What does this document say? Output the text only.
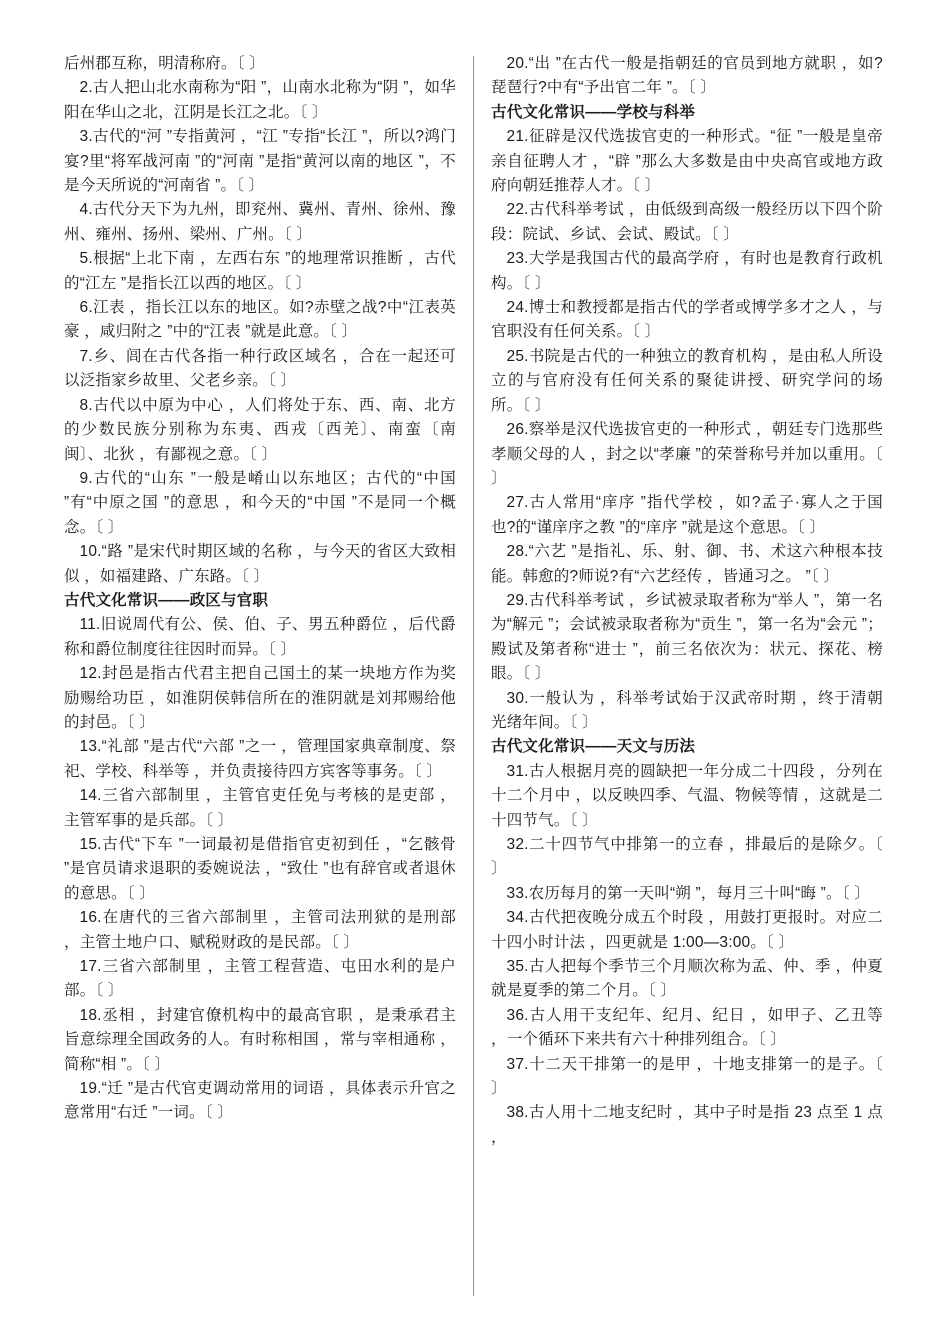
后州郡互称，明清称府。〔 〕

2.古人把山北水南称为“阳 ”，山南水北称为“阴 ”，如华阳在华山之北，江阴是长江之北。〔 〕

3.古代的“河 ”专指黄河 ，“江 ”专指“长江 ”，所以?鸿门宴?里“将军战河南 ”的“河南 ”是指“黄河以南的地区 ”，不是今天所说的“河南省 ”。〔 〕

4.古代分天下为九州，即兖州、冀州、青州、徐州、豫州、雍州、扬州、梁州、广州。〔 〕

5.根据“上北下南 ，左西右东 ”的地理常识推断 ，古代的“江左 ”是指长江以西的地区。〔 〕

6.江表 ，指长江以东的地区。如?赤壁之战?中“江表英豪 ，咸归附之 ”中的“江表 ”就是此意。〔 〕

7.乡、闾在古代各指一种行政区域名 ，合在一起还可以泛指家乡故里、父老乡亲。〔 〕

8.古代以中原为中心 ，人们将处于东、西、南、北方的少数民族分别称为东夷、西戎〔西羌〕、南蛮〔南闽〕、北狄 ，有鄙视之意。〔 〕

9.古代的“山东 ”一般是崤山以东地区；古代的“中国 ”有“中原之国 ”的意思 ，和今天的“中国 ”不是同一个概念。〔 〕

10.“路 ”是宋代时期区域的名称 ，与今天的省区大致相似 ，如福建路、广东路。〔 〕

古代文化常识——政区与官职

11.旧说周代有公、侯、伯、子、男五种爵位 ，后代爵称和爵位制度往往因时而异。〔 〕

12.封邑是指古代君主把自己国土的某一块地方作为奖励赐给功臣 ，如淮阴侯韩信所在的淮阴就是刘邦赐给他的封邑。〔 〕

13.“礼部 ”是古代“六部 ”之一 ，管理国家典章制度、祭祀、学校、科举等 ，并负责接待四方宾客等事务。〔 〕

14.三省六部制里 ，主管官吏任免与考核的是吏部 ，主管军事的是兵部。〔 〕

15.古代“下车 ”一词最初是借指官吏初到任 ，“乞骸骨 ”是官员请求退职的委婉说法 ，“致仕 ”也有辞官或者退休的意思。〔 〕

16.在唐代的三省六部制里 ，主管司法刑狱的是刑部 ，主管土地户口、赋税财政的是民部。〔 〕

17.三省六部制里 ，主管工程营造、屯田水利的是户部。〔 〕

18.丞相 ，封建官僚机构中的最高官职 ，是秉承君主旨意综理全国政务的人。有时称相国 ，常与宰相通称 ，简称“相 ”。〔 〕

19.“迁 ”是古代官吏调动常用的词语 ，具体表示升官之意常用“右迁 ”一词。〔 〕

20.“出 ”在古代一般是指朝廷的官员到地方就职 ，如?琵琶行?中有“予出官二年 ”。〔 〕

古代文化常识——学校与科举

21.征辟是汉代选拔官吏的一种形式。“征 ”一般是皇帝亲自征聘人才 ，“辟 ”那么大多数是由中央高官或地方政府向朝廷推荐人才。〔 〕

22.古代科举考试 ，由低级到高级一般经历以下四个阶段：院试、乡试、会试、殿试。〔 〕

23.大学是我国古代的最高学府 ，有时也是教育行政机构。〔 〕

24.博士和教授都是指古代的学者或博学多才之人 ，与官职没有任何关系。〔 〕

25.书院是古代的一种独立的教育机构 ，是由私人所设立的与官府没有任何关系的聚徒讲授、研究学问的场所。〔 〕

26.察举是汉代选拔官吏的一种形式 ，朝廷专门选那些孝顺父母的人 ，封之以“孝廉 ”的荣誉称号并加以重用。〔 〕

27.古人常用“庠序 ”指代学校 ，如?孟子·寡人之于国也?的“谨庠序之教 ”的“庠序 ”就是这个意思。〔 〕

28.“六艺 ”是指礼、乐、射、御、书、术这六种根本技能。韩愈的?师说?有“六艺经传 ，皆通习之。 ”〔 〕

29.古代科举考试 ，乡试被录取者称为“举人 ”，第一名为“解元 ”；会试被录取者称为“贡生 ”，第一名为“会元 ”；殿试及第者称“进士 ”，前三名依次为：状元、探花、榜眼。〔 〕

30.一般认为 ，科举考试始于汉武帝时期 ，终于清朝光绪年间。〔 〕

古代文化常识——天文与历法

31.古人根据月亮的圆缺把一年分成二十四段 ，分列在十二个月中 ，以反映四季、气温、物候等情 ，这就是二十四节气。〔 〕

32.二十四节气中排第一的立春 ，排最后的是除夕。〔 〕

33.农历每月的第一天叫“朔 ”，每月三十叫“晦 ”。〔 〕

34.古代把夜晚分成五个时段 ，用鼓打更报时。对应二十四小时计法 ，四更就是 1:00—3:00。〔 〕

35.古人把每个季节三个月顺次称为孟、仲、季 ，仲夏就是夏季的第二个月。〔 〕

36.古人用干支纪年、纪月、纪日 ，如甲子、乙丑等 ，一个循环下来共有六十种排列组合。〔 〕

37.十二天干排第一的是甲 ，十地支排第一的是子。〔 〕

38.古人用十二地支纪时 ，其中子时是指 23 点至 1 点 ，
